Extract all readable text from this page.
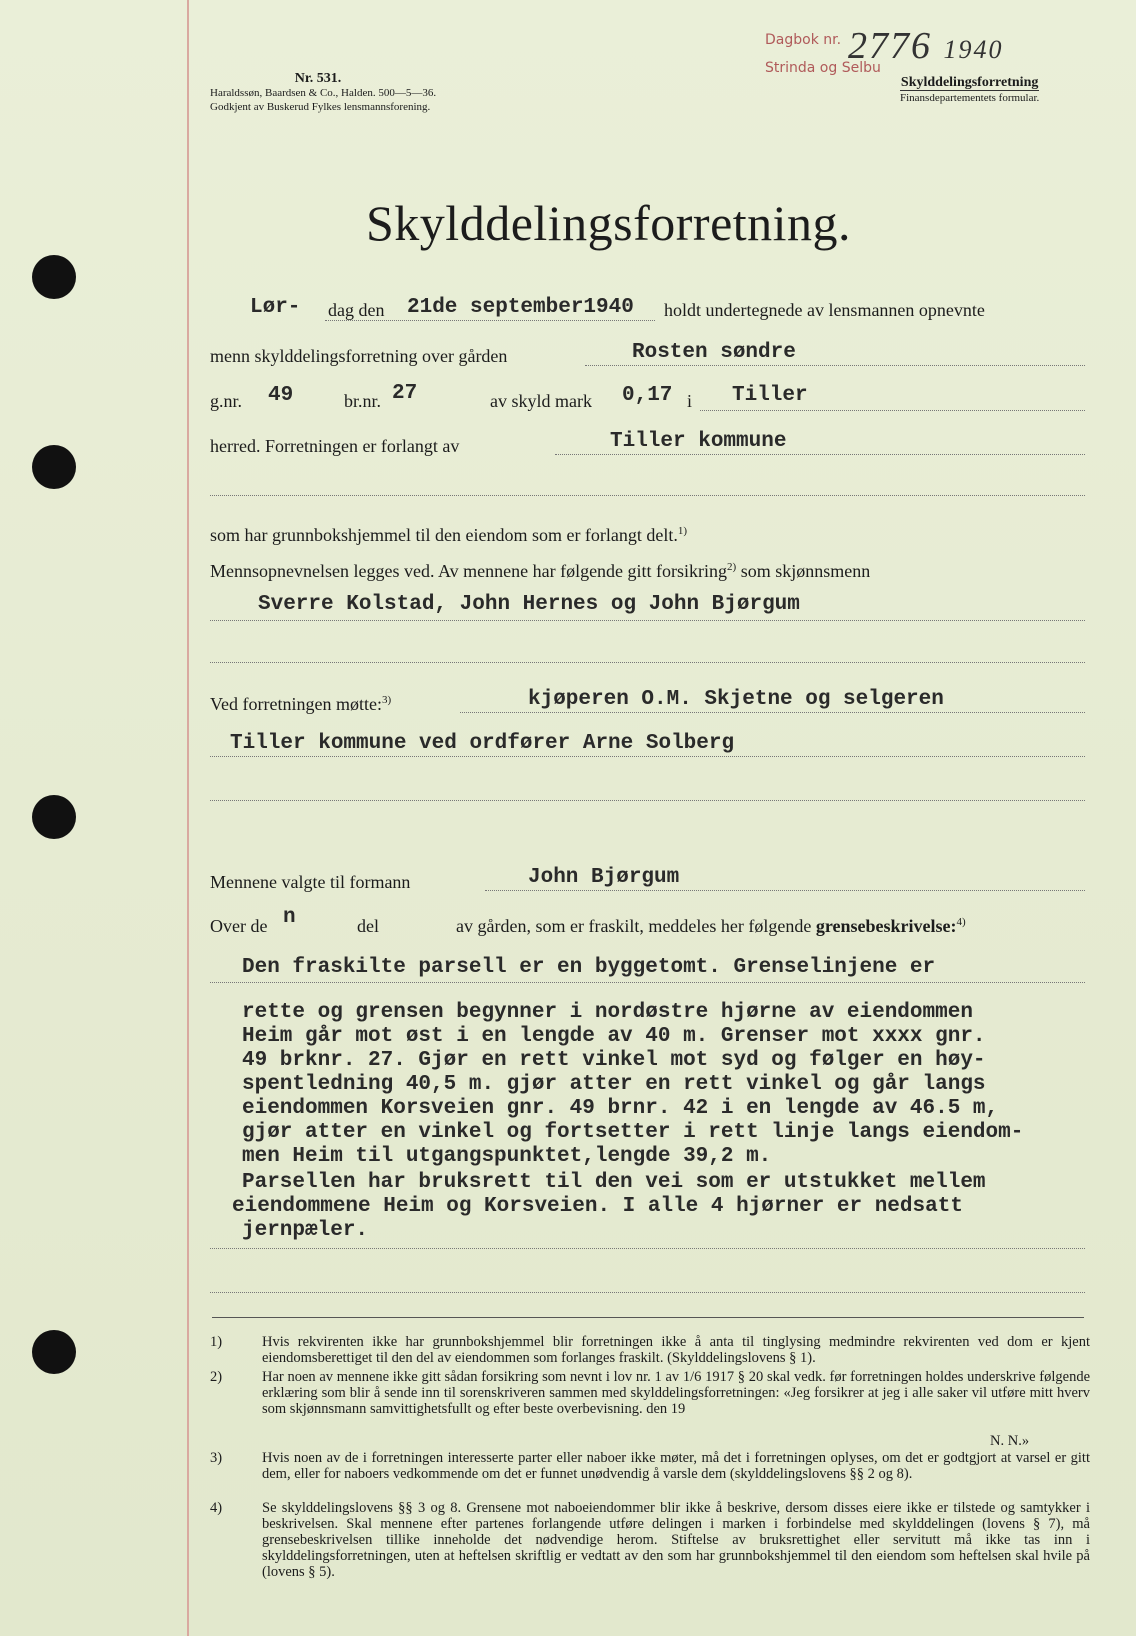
Nr. 531.
Haraldssøn, Baardsen & Co., Halden. 500—5—36.
Godkjent av Buskerud Fylkes lensmannsforening.
Dagbok nr.
Strinda og Selbu
2776 1940
Skylddelingsforretning
Finansdepartementets formular.
Skylddelingsforretning.
Lør- dag den 21de september1940 holdt undertegnede av lensmannen opnevnte
menn skylddelingsforretning over gården	Rosten søndre
g.nr. 49	br.nr. 27	av skyld mark 0,17 i Tiller
herred. Forretningen er forlangt av	Tiller kommune
som har grunnbokshjemmel til den eiendom som er forlangt delt.$^{1)}$
Mennsopnevnelsen legges ved. Av mennene har følgende gitt forsikring$^{2)}$ som skjønnsmenn
Sverre Kolstad, John Hernes og John Bjørgum
Ved forretningen møtte:$^{3)}$	kjøperen O.M. Skjetne og selgeren
Tiller kommune ved ordfører Arne Solberg
Mennene valgte til formann	John Bjørgum
Over de n	del	av gården, som er fraskilt, meddeles her følgende grensebeskrivelse:$^{4)}$
Den fraskilte parsell er en byggetomt. Grenselinjene er
rette og grensen begynner i nordøstre hjørne av eiendommen
Heim går mot øst i en lengde av 40 m. Grenser mot xxxx gnr.
49 brknr. 27. Gjør en rett vinkel mot syd og følger en høy-
spentledning 40,5 m. gjør atter en rett vinkel og går langs
eiendommen Korsveien gnr. 49 brnr. 42 i en lengde av 46.5 m,
gjør atter en vinkel og fortsetter i rett linje langs eiendom-
men Heim til utgangspunktet,lengde 39,2 m.
Parsellen har bruksrett til den vei som er utstukket mellem
eiendommene Heim og Korsveien. I alle 4 hjørner er nedsatt
jernpæler.
1)	Hvis rekvirenten ikke har grunnbokshjemmel blir forretningen ikke å anta til tinglysing medmindre rekvirenten ved dom er kjent eiendomsberettiget til den del av eiendommen som forlanges fraskilt. (Skylddelingslovens § 1).
2)	Har noen av mennene ikke gitt sådan forsikring som nevnt i lov nr. 1 av 1/6 1917 § 20 skal vedk. før forretningen holdes underskrive følgende erklæring som blir å sende inn til sorenskriveren sammen med skylddelingsforretningen: «Jeg forsikrer at jeg i alle saker vil utføre mitt hverv som skjønnsmann samvittighetsfullt og efter beste overbevisning. den 19
N. N.»
3)	Hvis noen av de i forretningen interesserte parter eller naboer ikke møter, må det i forretningen oplyses, om det er godtgjort at varsel er gitt dem, eller for naboers vedkommende om det er funnet unødvendig å varsle dem (skylddelingslovens §§ 2 og 8).
4)	Se skylddelingslovens §§ 3 og 8. Grensene mot naboeiendommer blir ikke å beskrive, dersom disses eiere ikke er tilstede og samtykker i beskrivelsen. Skal mennene efter partenes forlangende utføre delingen i marken i forbindelse med skylddelingen (lovens § 7), må grensebeskrivelsen tillike inneholde det nødvendige herom. Stiftelse av bruksrettighet eller servitutt må ikke tas inn i skylddelingsforretningen, uten at heftelsen skriftlig er vedtatt av den som har grunnbokshjemmel til den eiendom som heftelsen skal hvile på (lovens § 5).
